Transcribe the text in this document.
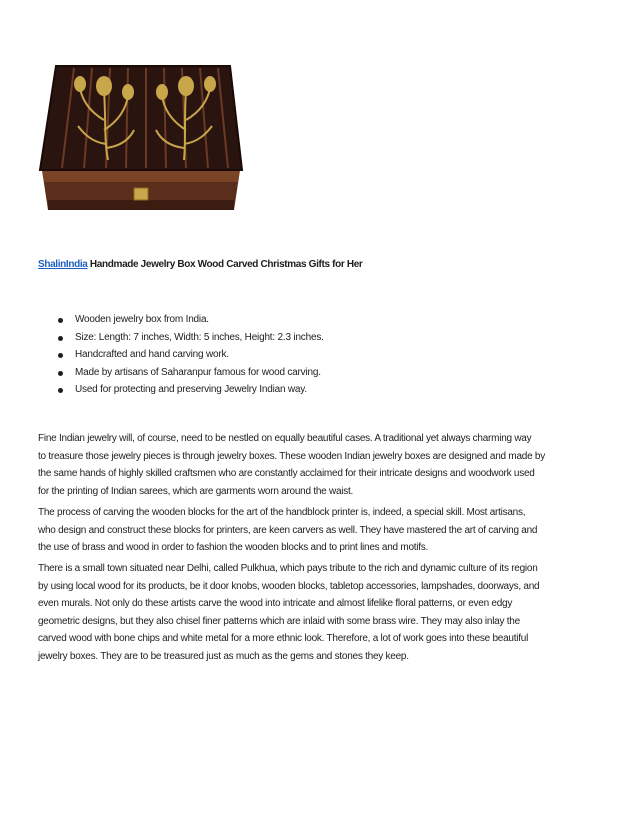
ShalinIndia Handmade Jewelry Box Wood Carved Christmas Gifts for Her
Wooden jewelry box from India.
Size: Length: 7 inches, Width: 5 inches, Height: 2.3 inches.
Handcrafted and hand carving work.
Made by artisans of Saharanpur famous for wood carving.
Used for protecting and preserving Jewelry Indian way.

Fine Indian jewelry will, of course, need to be nestled on equally beautiful cases. A traditional yet always charming way
to treasure those jewelry pieces is through jewelry boxes. These wooden Indian jewelry boxes are designed and made by
the same hands of highly skilled craftsmen who are constantly acclaimed for their intricate designs and woodwork used
for the printing of Indian sarees, which are garments worn around the waist.

The process of carving the wooden blocks for the art of the handblock printer is, indeed, a special skill. Most artisans,
who design and construct these blocks for printers, are keen carvers as well. They have mastered the art of carving and
the use of brass and wood in order to fashion the wooden blocks and to print lines and motifs.

There is a small town situated near Delhi, called Pulkhua, which pays tribute to the rich and dynamic culture of its region
by using local wood for its products, be it door knobs, wooden blocks, tabletop accessories, lampshades, doorways, and
even murals. Not only do these artists carve the wood into intricate and almost lifelike floral patterns, or even edgy
geometric designs, but they also chisel finer patterns which are inlaid with some brass wire. They may also inlay the
carved wood with bone chips and white metal for a more ethnic look. Therefore, a lot of work goes into these beautiful
jewelry boxes. They are to be treasured just as much as the gems and stones they keep.
